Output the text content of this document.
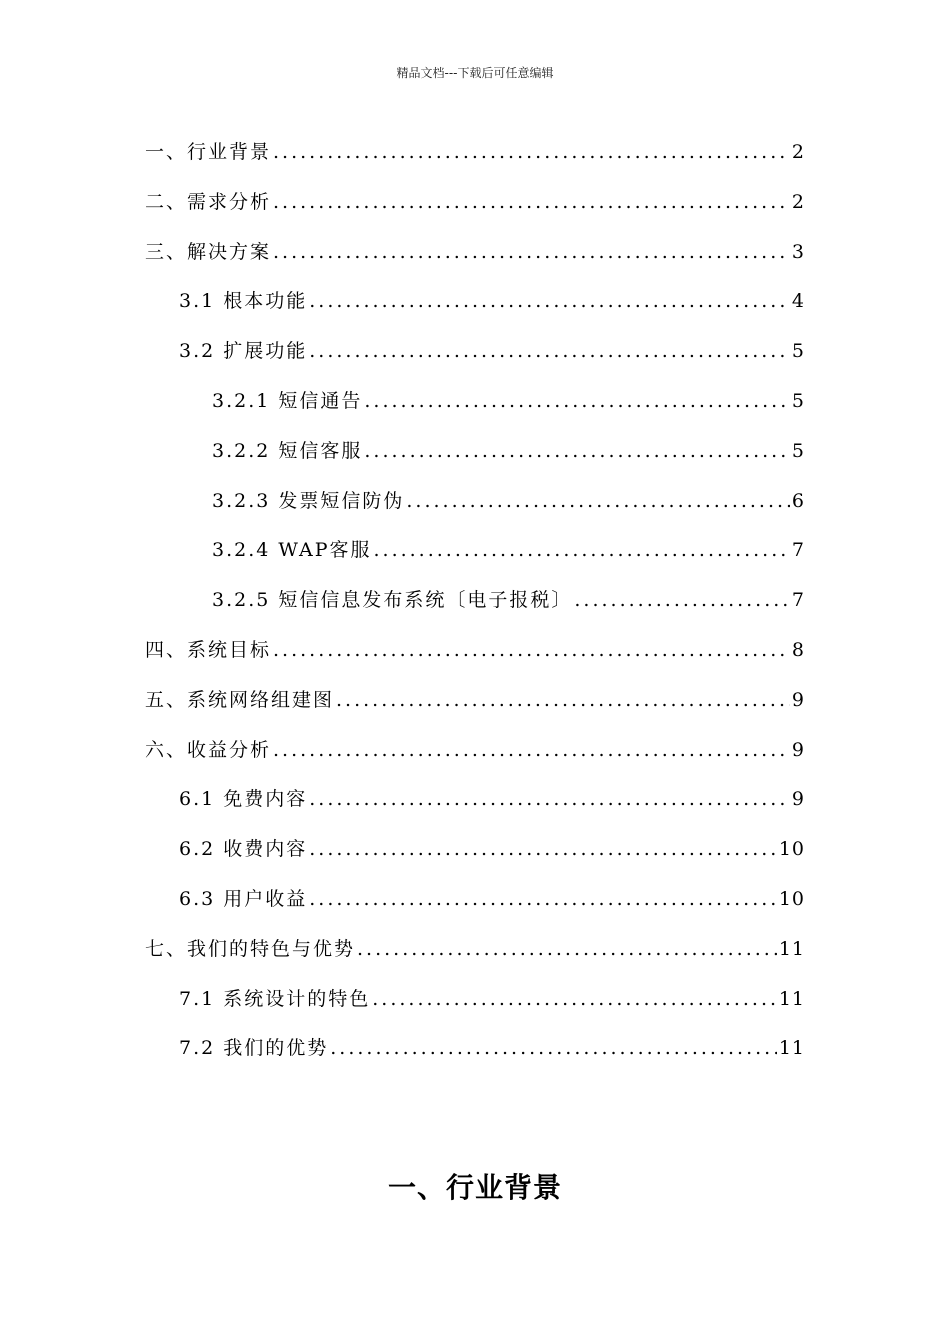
精品文档---下载后可任意编辑
一、行业背景 .....	2
二、需求分析 .....	2
三、解决方案 .....	3
3.1 根本功能 .....	4
3.2 扩展功能 .....	5
3.2.1 短信通告 .....	5
3.2.2 短信客服 .....	5
3.2.3 发票短信防伪 .....	6
3.2.4 WAP客服 .....	7
3.2.5 短信信息发布系统〔电子报税〕 .....	7
四、系统目标 .....	8
五、系统网络组建图 .....	9
六、收益分析 .....	9
6.1 免费内容 .....	9
6.2 收费内容 .....	10
6.3 用户收益 .....	10
七、我们的特色与优势 .....	11
7.1 系统设计的特色 .....	11
7.2 我们的优势 .....	11
一、行业背景
